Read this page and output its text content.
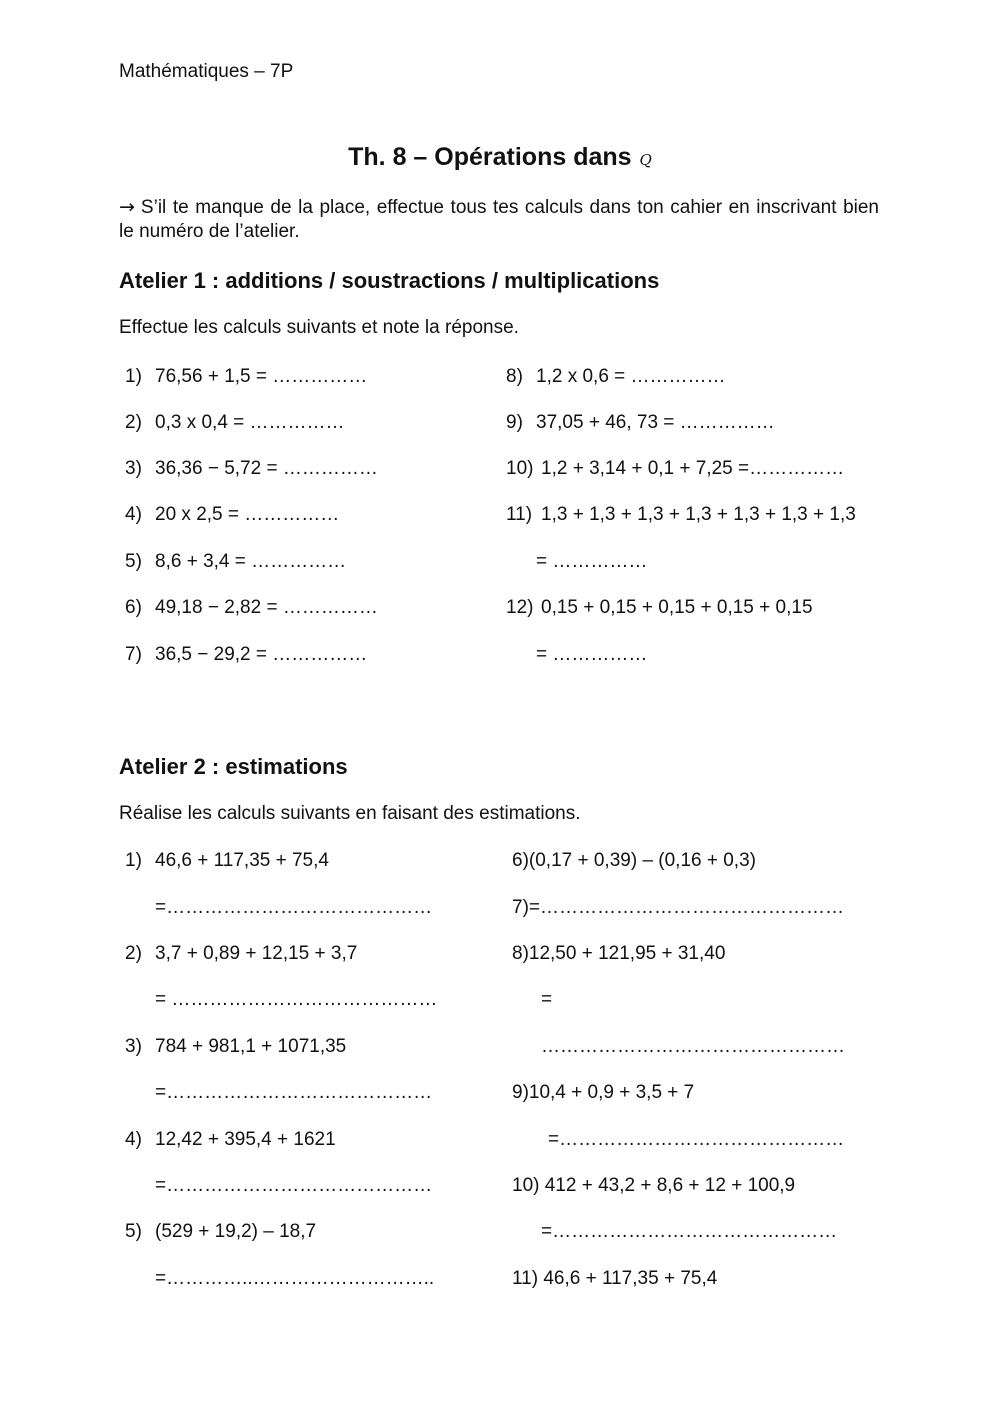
Mathématiques – 7P
Th. 8 – Opérations dans Q
→ S’il te manque de la place, effectue tous tes calculs dans ton cahier en inscrivant bien le numéro de l’atelier.
Atelier 1 : additions / soustractions / multiplications
Effectue les calculs suivants et note la réponse.
1) 76,56 + 1,5 = ……………
2) 0,3 x 0,4 = ……………
3) 36,36 − 5,72 = ……………
4) 20 x 2,5 = ……………
5) 8,6 + 3,4 = ……………
6) 49,18 − 2,82 = ……………
7) 36,5 − 29,2 = ……………
8) 1,2 x 0,6 = ……………
9) 37,05 + 46, 73 = ……………
10) 1,2 + 3,14 + 0,1 + 7,25 =……………
11) 1,3 + 1,3 + 1,3 + 1,3 + 1,3 + 1,3 + 1,3
= ……………
12) 0,15 + 0,15 + 0,15 + 0,15 + 0,15
= ……………
Atelier 2 : estimations
Réalise les calculs suivants en faisant des estimations.
1) 46,6 + 117,35 + 75,4
=……………………………………
2) 3,7 + 0,89 + 12,15 + 3,7
= ……………………………………
3) 784 + 981,1 + 1071,35
=……………………………………
4) 12,42 + 395,4 + 1621
=……………………………………
5) (529 + 19,2) – 18,7
=…………..………………………..
6)(0,17 + 0,39) – (0,16 + 0,3)
7)=…………………………………………
8)12,50 + 121,95 + 31,40
=
…………………………………………
9)10,4 + 0,9 + 3,5 + 7
=………………………………………
10) 412 + 43,2 + 8,6 + 12 + 100,9
=………………………………………
11) 46,6 + 117,35 + 75,4
